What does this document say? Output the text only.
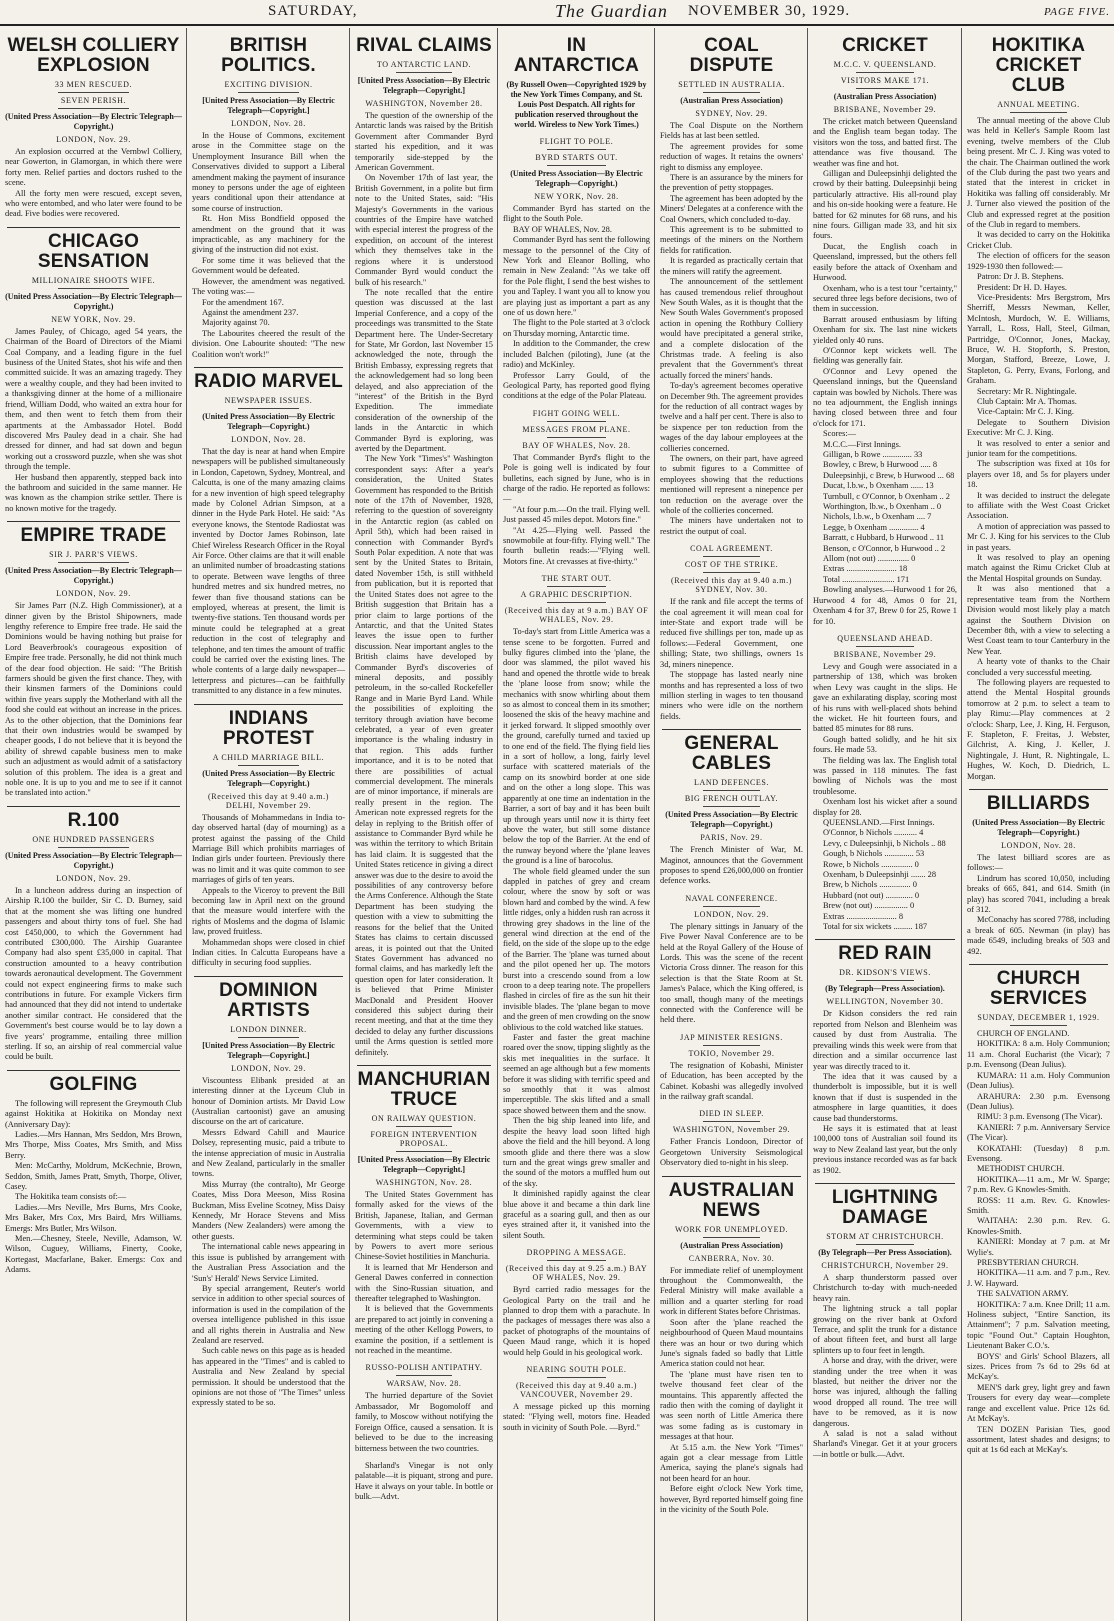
SATURDAY,	The Guardian NOVEMBER 30, 1929.	PAGE FIVE.
WELSH COLLIERY EXPLOSION
33 MEN RESCUED.
SEVEN PERISH.
(United Press Association—By Electric Telegraph—Copyright.)
LONDON, Nov. 29.

An explosion occurred at the Vernbwl Colliery, near Gowerton, in Glamorgan, in which there were forty men. Relief parties and doctors rushed to the scene.

All the forty men were rescued, except seven, who were entombed, and who later were found to be dead. Five bodies were recovered.

CHICAGO SENSATION
MILLIONAIRE SHOOTS WIFE.
(United Press Association—By Electric Telegraph—Copyright.)
NEW YORK, Nov. 29.

James Pauley, of Chicago, aged 54 years, the Chairman of the Board of Directors of the Miami Coal Company, and a leading figure in the fuel business of the United States, shot his wife and then committed suicide. It was an amazing tragedy. They were a wealthy couple, and they had been invited to a thanksgiving dinner at the home of a millionaire friend, William Dodd, who waited an extra hour for them, and then went to fetch them from their apartments at the Ambassador Hotel. Bodd discovered Mrs Pauley dead in a chair. She had dressed for dinner, and had sat down and begun working out a crossword puzzle, when she was shot through the temple.

Her husband then apparently, stepped back into the bathroom and suicided in the same manner. He was known as the champion strike settler. There is no known motive for the tragedy.

EMPIRE TRADE
SIR J. PARR'S VIEWS.
(United Press Association—By Electric Telegraph—Copyright.)
LONDON, Nov. 29.

Sir James Parr (N.Z. High Commissioner), at a dinner given by the Bristol Shipowners, made lengthy reference to Empire free trade. He said the Dominions would be having nothing but praise for Lord Beaverbrook's courageous exposition of Empire free trade. Personally, he did not think much of the dear food objection. He said: "The British farmers should be given the first chance. They, with their kinsmen farmers of the Dominions could within five years supply the Motherland with all the food she could eat without an increase in the prices. As to the other objection, that the Dominions fear that their own industries would be swamped by cheaper goods, I do not believe that it is beyond the ability of shrewd capable business men to make such an adjustment as would admit of a satisfactory solution of this problem. The idea is a great and noble one. It is up to you and me to see if it cannot be translated into action."

R.100
ONE HUNDRED PASSENGERS
(United Press Association—By Electric Telegraph—Copyright.)
LONDON, Nov. 29.

In a luncheon address during an inspection of Airship R.100 the builder, Sir C. D. Burney, said that at the moment she was lifting one hundred passengers and about thirty tons of fuel. She had cost £450,000, to which the Government had contributed £300,000. The Airship Guarantee Company had also spent £35,000 in capital. That construction amounted to a heavy contribution towards aeronautical development. The Government could not expect engineering firms to make such contributions in future. For example Vickers firm had announced that they did not intend to undertake another similar contract. He considered that the Government's best course would be to lay down a five years' programme, entailing three million sterling. If so, an airship of real commercial value could be built.

GOLFING

The following will represent the Greymouth Club against Hokitika at Hokitika on Monday next (Anniversary Day):

Ladies.—Mrs Hannan, Mrs Seddon, Mrs Brown, Mrs Thorpe, Miss Coates, Mrs Smith, and Miss Berry.

Men: McCarthy, Moldrum, McKechnie, Brown, Seddon, Smith, James Pratt, Smyth, Thorpe, Oliver, Casey.

The Hokitika team consists of:—

Ladies.—Mrs Neville, Mrs Burns, Mrs Cooke, Mrs Baker, Mrs Cox, Mrs Baird, Mrs Williams. Emergs: Mrs Butler, Mrs Wilson.

Men.—Chesney, Steele, Neville, Adamson, W. Wilson, Cuguey, Williams, Finerty, Cooke, Kortegast, Macfarlane, Baker. Emergs: Cox and Adams.

BRITISH POLITICS.
EXCITING DIVISION.
[United Press Association—By Electric Telegraph—Copyright.]
LONDON, Nov. 28.

In the House of Commons, excitement arose in the Committee stage on the Unemployment Insurance Bill when the Conservatives divided to support a Liberal amendment making the payment of insurance money to persons under the age of eighteen years conditional upon their attendance at some course of instruction.

Rt. Hon Miss Bondfield opposed the amendment on the ground that it was impracticable, as any machinery for the giving of the instruction did not exist.

For some time it was believed that the Government would be defeated.

However, the amendment was negatived. The voting was:—

For the amendment 167.

Against the amendment 237.

Majority against 70.

The Labourites cheered the result of the division. One Labourite shouted: "The new Coalition won't work!"

RADIO MARVEL
NEWSPAPER ISSUES.
(United Press Association—By Electric Telegraph—Copyright.)
LONDON, Nov. 28.

That the day is near at hand when Empire newspapers will be published simultaneously in London, Capetown, Sydney, Montreal, and Calcutta, is one of the many amazing claims for a new invention of high speed telegraphy made by Colonel Adrian Simpson, at a dinner in the Hyde Park Hotel. He said: "As everyone knows, the Stentode Radiostat was invented by Doctor James Robinson, late Chief Wireless Research Officer in the Royal Air Force. Other claims are that it will enable an unlimited number of broadcasting stations to operate. Between wave lengths of three hundred metres and six hundred metres, no fewer than five thousand stations can be employed, whereas at present, the limit is twenty-five stations. Ten thousand words per minute could be telegraphed at a great reduction in the cost of telegraphy and telephone, and ten times the amount of traffic could be carried over the existing lines. The whole contents of a large daily newspaper—letterpress and pictures—can be faithfully transmitted to any distance in a few minutes.

INDIANS PROTEST
A CHILD MARRIAGE BILL.
(United Press Association—By Electric Telegraph—Copyright.)
(Received this day at 9.40 a.m.) DELHI, November 29.

Thousands of Mohammedans in India to-day observed hartal (day of mourning) as a protest against the passing of the Child Marriage Bill which prohibits marriages of Indian girls under fourteen. Previously there was no limit and it was quite common to see marriages of girls of ten years.

Appeals to the Viceroy to prevent the Bill becoming law in April next on the ground that the measure would interfere with the rights of Moslems and the dogma of Islamic law, proved fruitless.

Mohammedan shops were closed in chief Indian cities. In Calcutta Europeans have a difficulty in securing food supplies.

DOMINION ARTISTS
LONDON DINNER.
[United Press Association—By Electric Telegraph—Copyright.]
LONDON, Nov. 29.

Viscountess Elibank presided at an interesting dinner at the Lyceum Club in honour of Dominion artists. Mr David Low (Australian cartoonist) gave an amusing discourse on the art of caricature.

Messrs Edward Cahill and Maurice Dolsey, representing music, paid a tribute to the intense appreciation of music in Australia and New Zealand, particularly in the smaller towns.

Miss Murray (the contralto), Mr George Coates, Miss Dora Meeson, Miss Rosina Buckman, Miss Eveline Scotney, Miss Daisy Kennedy, Mr Horace Stevens and Miss Manders (New Zealanders) were among the other guests.

The international cable news appearing in this issue is published by arrangement with the Australian Press Association and the 'Sun's' Herald' News Service Limited.

By special arrangement, Reuter's world service in addition to other special sources of information is used in the compilation of the oversea intelligence published in this issue and all rights therein in Australia and New Zealand are reserved.

Such cable news on this page as is headed has appeared in the "Times" and is cabled to Australia and New Zealand by special permission. It should be understood that the opinions are not those of "The Times" unless expressly stated to be so.

RIVAL CLAIMS
TO ANTARCTIC LAND.
[United Press Association—By Electric Telegraph—Copyright.]
WASHINGTON, November 28.

The question of the ownership of the Antarctic lands was raised by the British Government after Commander Byrd started his expedition, and it was temporarily side-stepped by the American Government.

On November 17th of last year, the British Government, in a polite but firm note to the United States, said: "His Majesty's Governments in the various countries of the Empire have watched with especial interest the progress of the expedition, on account of the interest which they themselves take in the regions where it is understood Commander Byrd would conduct the bulk of his research."

The note recalled that the entire question was discussed at the last Imperial Conference, and a copy of the proceedings was transmitted to the State Department here. The Under-Secretary for State, Mr Gordon, last November 15 acknowledged the note, through the British Embassy, expressing regrets that the acknowledgement had so long been delayed, and also appreciation of the "interest" of the British in the Byrd Expedition. The immediate consideration of the ownership of the lands in the Antarctic in which Commander Byrd is exploring, was averted by the Department.

The New York "Times's" Washington correspondent says: After a year's consideration, the United States Government has responded to the British note of the 17th of November, 1928, referring to the question of sovereignty in the Antarctic region (as cabled on April 5th), which had been raised in connection with Commander Byrd's South Polar expedition. A note that was sent by the United States to Britain, dated November 15th, is still withheld from publication, but it is reported that the United States does not agree to the British suggestion that Britain has a prior claim to large portions of the Antarctic, and that the United States leaves the issue open to further discussion. Near important angles to the British claims have developed by Commander Byrd's discoveries of mineral deposits, and possibly petroleum, in the so-called Rockefeller Range and in Marie Byrd Land. While the possibilities of exploiting the territory through aviation have become celebrated, a year of even greater importance is the whaling industry in that region. This adds further importance, and it is to be noted that there are possibilities of actual commercial development. The minerals are of minor importance, if minerals are really present in the region. The American note expressed regrets for the delay in replying to the British offer of assistance to Commander Byrd while he was within the territory to which Britain has laid claim. It is suggested that the United States reticence in giving a direct answer was due to the desire to avoid the possibilities of any controversy before the Arms Conference. Although the State Department has been studying the question with a view to submitting the reasons for the belief that the United States has claims to certain discussed areas, it is pointed out that the United States Government has advanced no formal claims, and has markedly left the question open for later consideration. It is believed that Prime Minister MacDonald and President Hoover considered this subject during their recent meeting, and that at the time they decided to delay any further discussions until the Arms question is settled more definitely.

MANCHURIAN TRUCE
ON RAILWAY QUESTION.
FOREIGN INTERVENTION PROPOSAL.
[United Press Association—By Electric Telegraph—Copyright.]
WASHINGTON, Nov. 28.

The United States Government has formally asked for the views of the British, Japanese, Italian, and German Governments, with a view to determining what steps could be taken by Powers to avert more serious Chinese-Soviet hostilities in Manchuria.

It is learned that Mr Henderson and General Dawes conferred in connection with the Sino-Russian situation, and thereafter telegraphed to Washington.

It is believed that the Governments are prepared to act jointly in convening a meeting of the other Kellogg Powers, to examine the position, if a settlement is not reached in the meantime.

RUSSO-POLISH ANTIPATHY.
WARSAW, Nov. 28.

The hurried departure of the Soviet Ambassador, Mr Bogomoloff and family, to Moscow without notifying the Foreign Office, caused a sensation. It is believed to be due to the increasing bitterness between the two countries.

Sharland's Vinegar is not only palatable—it is piquant, strong and pure. Have it always on your table. In bottle or bulk.—Advt.

IN ANTARCTICA
(By Russell Owen—Copyrighted 1929 by the New York Times Company, and St. Louis Post Despatch. All rights for publication reserved throughout the world. Wireless to New York Times.)
FLIGHT TO POLE.
BYRD STARTS OUT.
(United Press Association—By Electric Telegraph—Copyright.)
NEW YORK, Nov. 28.

Commander Byrd has started on the flight to the South Pole.

BAY OF WHALES, Nov. 28.

Commander Byrd has sent the following message to the personnel of the City of New York and Eleanor Bolling, who remain in New Zealand: "As we take off for the Pole flight, I send the best wishes to you and Tapley. I want you all to know you are playing just as important a part as any one of us down here."

The flight to the Pole started at 3 o'clock on Thursday morning, Antarctic time.

In addition to the Commander, the crew included Balchen (piloting), June (at the radio) and McKinley.

Professor Larry Gould, of the Geological Party, has reported good flying conditions at the edge of the Polar Plateau.

FIGHT GOING WELL.
MESSAGES FROM PLANE.
BAY OF WHALES, Nov. 28.

That Commander Byrd's flight to the Pole is going well is indicated by four bulletins, each signed by June, who is in charge of the radio. He reported as follows:—

"At four p.m.—On the trail. Flying well. Just passed 45 miles depot. Motors fine."

"At 4.25—Flying well. Passed the snowmobile at four-fifty. Flying well." The fourth bulletin reads:—"Flying well. Motors fine. At crevasses at five-thirty."

THE START OUT.
A GRAPHIC DESCRIPTION.
(Received this day at 9 a.m.) BAY OF WHALES, Nov. 29.

To-day's start from Little America was a tense scene to be forgotten. Furred and bulky figures climbed into the 'plane, the door was slammed, the pilot waved his hand and opened the throttle wide to break the 'plane loose from snow; while the mechanics with snow whirling about them so as almost to conceal them in its smother; loosened the skis of the heavy machine and it jerked forward. It slipped smoothly over the ground, carefully turned and taxied up to one end of the field. The flying field lies in a sort of hollow, a long, fairly level surface with scattered materials of the camp on its snowbird border at one side and on the other a long slope. This was apparently at one time an indentation in the Barrier, a sort of bay and it has been built up through years until now it is thirty feet above the water, but still some distance below the top of the Barrier. At the end of the runway beyond where the 'plane leaves the ground is a line of barocolus.

The whole field gleamed under the sun dappled in patches of grey and cream colour, where the snow by soft or was blown hard and combed by the wind. A few little ridges, only a hidden rush ran across it throwing grey shadows in the line of the general wind direction at the end of the field, on the side of the slope up to the edge of the Barrier. The 'plane was turned about and the pilot opened her up. The motors burst into a crescendo sound from a low croon to a deep tearing note. The propellers flashed in circles of fire as the sun hit their invisible blades. The 'plane began to move and the green of men crowding on the snow oblivious to the cold watched like statues.

Faster and faster the great machine roared over the snow, tipping slightly as the skis met inequalities in the surface. It seemed an age although but a few moments before it was sliding with terrific speed and so smoothly that it was almost imperceptible. The skis lifted and a small space showed between them and the snow.

Then the big ship leaned into life, and despite the heavy load soon lifted high above the field and the hill beyond. A long smooth glide and there there was a slow turn and the great wings grew smaller and the sound of the motors a muffled hum out of the sky.

It diminished rapidly against the clear blue above it and became a thin dark line graceful as a soaring gull, and then as our eyes strained after it, it vanished into the silent South.

DROPPING A MESSAGE.
(Received this day at 9.25 a.m.) BAY OF WHALES, Nov. 29.

Byrd carried radio messages for the Geological Party on the trail and he planned to drop them with a parachute. In the packages of messages there was also a packet of photographs of the mountains of Queen Maud range, which it is hoped would help Gould in his geological work.

NEARING SOUTH POLE.
(Received this day at 9.40 a.m.) VANCOUVER, November 29.

A message picked up this morning stated: "Flying well, motors fine. Headed south in vicinity of South Pole. —Byrd."

COAL DISPUTE
SETTLED IN AUSTRALIA.
(Australian Press Association)
SYDNEY, Nov. 29.

The Coal Dispute on the Northern Fields has at last been settled.

The agreement provides for some reduction of wages. It retains the owners' right to dismiss any employee.

There is an assurance by the miners for the prevention of petty stoppages.

The agreement has been adopted by the Miners' Delegates at a conference with the Coal Owners, which concluded to-day.

This agreement is to be submitted to meetings of the miners on the Northern fields for ratification.

It is regarded as practically certain that the miners will ratify the agreement.

The announcement of the settlement has caused tremendous relief throughout New South Wales, as it is thought that the New South Wales Government's proposed action in opening the Rothbury Colliery would have precipitated a general strike, and a complete dislocation of the Christmas trade. A feeling is also prevalent that the Government's threat actually forced the miners' hands.

To-day's agreement becomes operative on December 9th. The agreement provides for the reduction of all contract wages by twelve and a half per cent. There is also to be sixpence per ton reduction from the wages of the day labour employees at the collieries concerned.

The owners, on their part, have agreed to submit figures to a Committee of employees showing that the reductions mentioned will represent a ninepence per ton reduction on the average over the whole of the collieries concerned.

The miners have undertaken not to restrict the output of coal.

COAL AGREEMENT.
COST OF THE STRIKE.
(Received this day at 9.40 a.m.) SYDNEY, Nov. 30.

If the rank and file accept the terms of the coal agreement it will mean coal for inter-State and export trade will be reduced five shillings per ton, made up as follows:—Federal Government, one shilling; State, two shillings, owners 1s 3d, miners ninepence.

The stoppage has lasted nearly nine months and has represented a loss of two million sterling in wages to ten thousand miners who were idle on the northern fields.

GENERAL CABLES
LAND DEFENCES.
BIG FRENCH OUTLAY.
(United Press Association—By Electric Telegraph—Copyright.)
PARIS, Nov. 29.

The French Minister of War, M. Maginot, announces that the Government proposes to spend £26,000,000 on frontier defence works.

NAVAL CONFERENCE.
LONDON, Nov. 29.

The plenary sittings in January of the Five Power Naval Conference are to be held at the Royal Gallery of the House of Lords. This was the scene of the recent Victoria Cross dinner. The reason for this selection is that the State Room at St. James's Palace, which the King offered, is too small, though many of the meetings connected with the Conference will be held there.

JAP MINISTER RESIGNS.
TOKIO, November 29.

The resignation of Kobashi, Minister of Education, has been accepted by the Cabinet. Kobashi was allegedly involved in the railway graft scandal.

DIED IN SLEEP.
WASHINGTON, November 29.

Father Francis Londoon, Director of Georgetown University Seismological Observatory died to-night in his sleep.

AUSTRALIAN NEWS
WORK FOR UNEMPLOYED.
(Australian Press Association)
CANBERRA, Nov. 30.

For immediate relief of unemployment throughout the Commonwealth, the Federal Ministry will make available a million and a quarter sterling for road work in different States before Christmas.

Soon after the 'plane reached the neighbourhood of Queen Maud mountains there was an hour or two during which June's signals faded so badly that Little America station could not hear.

The 'plane must have risen ten to twelve thousand feet clear of the mountains. This apparently affected the radio then with the coming of daylight it was seen north of Little America there was some fading as is customary in messages at that hour.

At 5.15 a.m. the New York "Times" again got a clear message from Little America, saying the plane's signals had not been heard for an hour.

Before eight o'clock New York time, however, Byrd reported himself going fine in the vicinity of the South Pole.

CRICKET
M.C.C. V. QUEENSLAND.
VISITORS MAKE 171.
(Australian Press Association)
BRISBANE, November 29.

The cricket match between Queensland and the English team began today. The visitors won the toss, and batted first. The attendance was five thousand. The weather was fine and hot.

Gilligan and Duleepsinhji delighted the crowd by their batting. Duleepsinhji being particularly attractive. His all-round play and his on-side hooking were a feature. He batted for 62 minutes for 68 runs, and his nine fours. Gilligan made 33, and hit six fours.

Ducat, the English coach in Queensland, impressed, but the others fell easily before the attack of Oxenham and Hurwood.

Oxenham, who is a test tour "certainty," secured three legs before decisions, two of them in succession.

Barratt aroused enthusiasm by lifting Oxenham for six. The last nine wickets yielded only 40 runs.

O'Connor kept wickets well. The fielding was generally fair.

O'Connor and Levy opened the Queensland innings, but the Queensland captain was bowled by Nichols. There was no tea adjournment, the English innings having closed between three and four o'clock for 171.

Scores:—

M.C.C.—First Innings.

Gilligan, b Rowe .............. 33

Bowley, c Brew, b Hurwood ..... 8

Duleepsinhji, c Brew, b Hurwood ... 68

Ducat, l.b.w., b Oxenham ...... 13

Turnbull, c O'Connor, b Oxenham .. 2

Worthington, lb.w., b Oxenham .. 0

Nichols, l.b.w., b Oxenham .... 7

Legge, b Oxenham .............. 4

Barratt, c Hubbard, b Hurwood .. 11

Benson, c O'Connor, b Hurwood .. 2

Allom (not out) ............... 0

Extras ........................ 18

Total ......................... 171

Bowling analyses.—Hurwood 1 for 26, Hurwood 4 for 48, Amos 0 for 21, Oxenham 4 for 37, Brew 0 for 25, Rowe 1 for 10.

QUEENSLAND AHEAD.
BRISBANE, November 29.

Levy and Gough were associated in a partnership of 138, which was broken when Levy was caught in the slips. He gave an exhilarating display, scoring most of his runs with well-placed shots behind the wicket. He hit fourteen fours, and batted 85 minutes for 88 runs.

Gough batted solidly, and he hit six fours. He made 53.

The fielding was lax. The English total was passed in 118 minutes. The fast bowling of Nichols was the most troublesome.

Oxenham lost his wicket after a sound display for 28.

QUEENSLAND.—First Innings.

O'Connor, b Nichols ........... 4

Levy, c Duleepsinhji, b Nichols .. 88

Gough, b Nichols .............. 53

Rowe, b Nichols ............... 0

Oxenham, b Duleepsinhji ....... 28

Brew, b Nichols ............... 0

Hubbard (not out) ............. 0

Brew (not out) ................ 0

Extras ........................ 8

Total for six wickets ......... 187

RED RAIN
DR. KIDSON'S VIEWS.
(By Telegraph—Press Association).
WELLINGTON, November 30.

Dr Kidson considers the red rain reported from Nelson and Blenheim was caused by dust from Australia. The prevailing winds this week were from that direction and a similar occurrence last year was directly traced to it.

The idea that it was caused by a thunderbolt is impossible, but it is well known that if dust is suspended in the atmosphere in large quantities, it does cause bad thunderstorms.

He says it is estimated that at least 100,000 tons of Australian soil found its way to New Zealand last year, but the only previous instance recorded was as far back as 1902.

LIGHTNING DAMAGE
STORM AT CHRISTCHURCH.
(By Telegraph—Per Press Association).
CHRISTCHURCH, November 29.

A sharp thunderstorm passed over Christchurch to-day with much-needed heavy rain.

The lightning struck a tall poplar growing on the river bank at Oxford Terrace, and split the trunk for a distance of about fifteen feet, and burst all large splinters up to four feet in length.

A horse and dray, with the driver, were standing under the tree when it was blasted, but neither the driver nor the horse was injured, although the falling wood dropped all round. The tree will have to be removed, as it is now dangerous.

A salad is not a salad without Sharland's Vinegar. Get it at your grocers —in bottle or bulk.—Advt.

HOKITIKA CRICKET CLUB
ANNUAL MEETING.

The annual meeting of the above Club was held in Keller's Sample Room last evening, twelve members of the Club being present. Mr C. J. King was voted to the chair. The Chairman outlined the work of the Club during the past two years and stated that the interest in cricket in Hokitika was falling off considerably. Mr J. Turner also viewed the position of the Club and expressed regret at the position of the Club in regard to members.

It was decided to carry on the Hokitika Cricket Club.

The election of officers for the season 1929-1930 then followed:—

Patron: Dr J. B. Stephens.

President: Dr H. D. Hayes.

Vice-Presidents: Mrs Bergstrom, Mrs Sherriff, Messrs Newman, Keller, McIntosh, Murdoch, W. E. Williams, Yarrall, L. Ross, Hall, Steel, Gilman, Partridge, O'Connor, Jones, Mackay, Bruce, W. H. Stopforth, S. Preston, Morgan, Stafford, Breeze, Lowe, J. Stapleton, G. Perry, Evans, Forlong, and Graham.

Secretary: Mr R. Nightingale.

Club Captain: Mr A. Thomas.

Vice-Captain: Mr C. J. King.

Delegate to Southern Division Executive: Mr C. J. King.

It was resolved to enter a senior and junior team for the competitions.

The subscription was fixed at 10s for players over 18, and 5s for players under 18.

It was decided to instruct the delegate to affiliate with the West Coast Cricket Association.

A motion of appreciation was passed to Mr C. J. King for his services to the Club in past years.

It was resolved to play an opening match against the Rimu Cricket Club at the Mental Hospital grounds on Sunday.

It was also mentioned that a representative team from the Northern Division would most likely play a match against the Southern Division on December 8th, with a view to selecting a West Coast team to tour Canterbury in the New Year.

A hearty vote of thanks to the Chair concluded a very successful meeting.

The following players are requested to attend the Mental Hospital grounds tomorrow at 2 p.m. to select a team to play Rimu:—Play commences at 2 o'clock: Sharp, Lee, J. King, H. Ferguson, F. Stapleton, F. Freitas, J. Webster, Gilchrist, A. King, J. Keller, J. Nightingale, J. Hunt, R. Nightingale, L. Hughes, W. Koch, D. Diedrich, L. Morgan.

BILLIARDS
(United Press Association—By Electric Telegraph—Copyright.)
LONDON, Nov. 28.

The latest billiard scores are as follows:—

Lindrum has scored 10,050, including breaks of 665, 841, and 614. Smith (in play) has scored 7041, including a break of 312.

McConachy has scored 7788, including a break of 605. Newman (in play) has made 6549, including breaks of 503 and 492.

CHURCH SERVICES
SUNDAY, DECEMBER 1, 1929.

CHURCH OF ENGLAND.

HOKITIKA: 8 a.m. Holy Communion; 11 a.m. Choral Eucharist (the Vicar); 7 p.m. Evensong (Dean Julius).

KUMARA: 11 a.m. Holy Communion (Dean Julius).

ARAHURA: 2.30 p.m. Evensong (Dean Julius).

RIMU: 3 p.m. Evensong (The Vicar).

KANIERI: 7 p.m. Anniversary Service (The Vicar).

KOKATAHI: (Tuesday) 8 p.m. Evensong.

METHODIST CHURCH.

HOKITIKA—11 a.m., Mr W. Sparge; 7 p.m. Rev. G Knowles-Smith.

ROSS: 11 a.m. Rev. G. Knowles-Smith.

WAITAHA: 2.30 p.m. Rev. G. Knowles-Smith.

KANIERI: Monday at 7 p.m. at Mr Wylie's.

PRESBYTERIAN CHURCH.

HOKITIKA—11 a.m. and 7 p.m., Rev. J. W. Hayward.

THE SALVATION ARMY.

HOKITIKA: 7 a.m. Knee Drill; 11 a.m. Holiness subject, "Entire Sanction, its Attainment"; 7 p.m. Salvation meeting, topic "Found Out." Captain Houghton, Lieutenant Baker C.O.'s.

BOYS' and Girls' School Blazers, all sizes. Prices from 7s 6d to 29s 6d at McKay's.

MEN'S dark grey, light grey and fawn Trousers for every day wear—complete range and excellent value. Price 12s 6d. At McKay's.

TEN DOZEN Parisian Ties, good assortment, latest shades and designs; to quit at 1s 6d each at McKay's.
